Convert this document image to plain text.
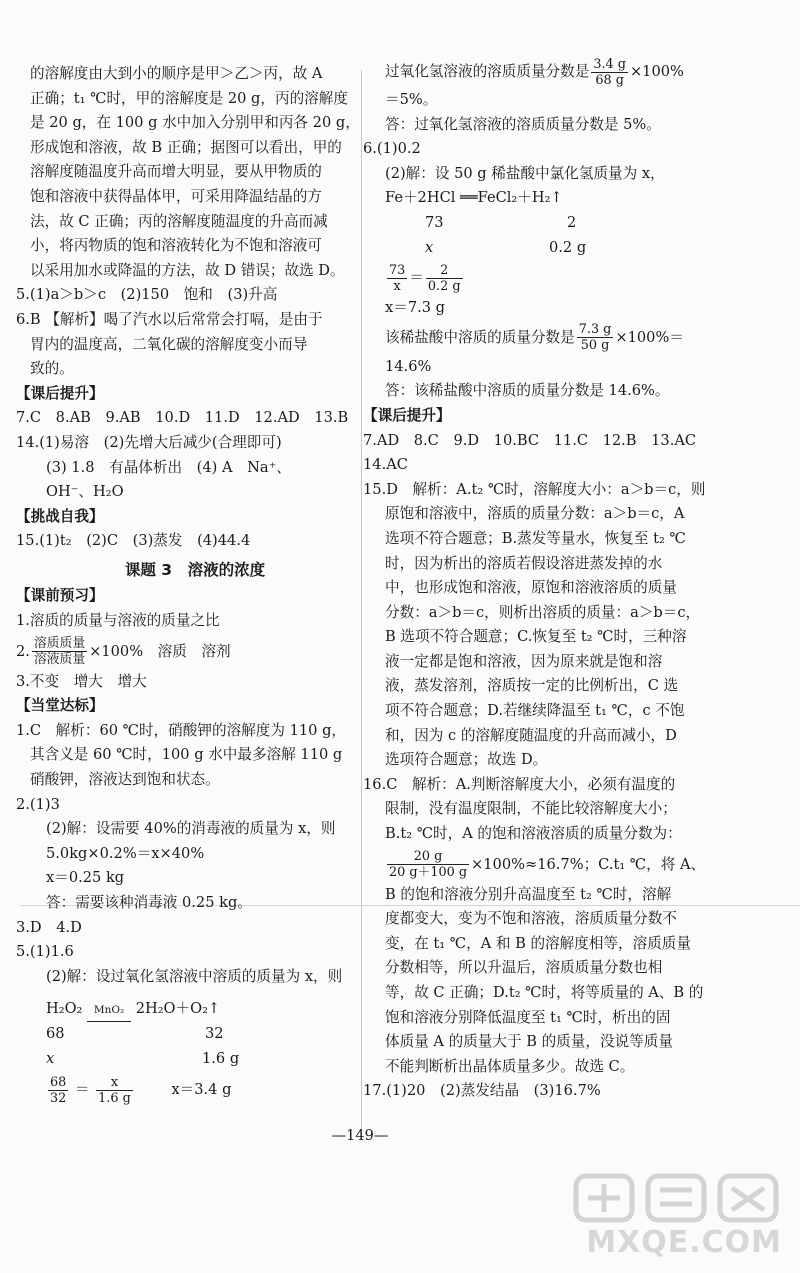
的溶解度由大到小的顺序是甲＞乙＞丙，故 A

正确；t₁ ℃时，甲的溶解度是 20 g，丙的溶解度

是 20 g，在 100 g 水中加入分别甲和丙各 20 g，

形成饱和溶液，故 B 正确；据图可以看出，甲的

溶解度随温度升高而增大明显，要从甲物质的

饱和溶液中获得晶体甲，可采用降温结晶的方

法，故 C 正确；丙的溶解度随温度的升高而减

小，将丙物质的饱和溶液转化为不饱和溶液可

以采用加水或降温的方法，故 D 错误；故选 D。

5.(1)a＞b＞c　(2)150　饱和　(3)升高

6.B 【解析】喝了汽水以后常常会打嗝，是由于

胃内的温度高，二氧化碳的溶解度变小而导

致的。

【课后提升】

7.C　8.AB　9.AB　10.D　11.D　12.AD　13.B

14.(1)易溶　(2)先增大后减少(合理即可)

(3) 1.8　有晶体析出　(4) A　Na⁺、

OH⁻、H₂O

【挑战自我】

15.(1)t₂　(2)C　(3)蒸发　(4)44.4

课题 3　溶液的浓度

【课前预习】

1.溶质的质量与溶液的质量之比

2. $\frac{\text{溶质质量}}{\text{溶液质量}} \times 100\%$　溶质　溶剂

3.不变　增大　增大

【当堂达标】

1.C　解析：60 ℃时，硝酸钾的溶解度为 110 g，

其含义是 60 ℃时，100 g 水中最多溶解 110 g

硝酸钾，溶液达到饱和状态。

2.(1)3

(2)解：设需要 40%的消毒液的质量为 x，则

5.0kg×0.2%＝x×40%

x＝0.25 kg

答：需要该种消毒液 0.25 kg。

3.D　4.D

5.(1)1.6

(2)解：设过氧化氢溶液中溶质的质量为 x，则

H₂O₂	MnO₂ 2H₂O＋O₂↑

68	32

x	1.6 g

$\frac{68}{32} = \frac{x}{1.6 g}$	x＝3.4 g

过氧化氢溶液的溶质质量分数是 $\frac{3.4 g}{68 g} \times 100\%$

＝5%。

答：过氧化氢溶液的溶质质量分数是 5%。

6.(1)0.2

(2)解：设 50 g 稀盐酸中氯化氢质量为 x，

Fe＋2HCl ══FeCl₂＋H₂↑

73	2

x	0.2 g

$\frac{73}{x} = \frac{2}{0.2 g}$

x＝7.3 g

该稀盐酸中溶质的质量分数是 $\frac{7.3 g}{50 g} \times 100\%=$

14.6%

答：该稀盐酸中溶质的质量分数是 14.6%。

【课后提升】

7.AD　8.C　9.D　10.BC　11.C　12.B　13.AC

14.AC

15.D　解析：A.t₂ ℃时，溶解度大小：a＞b＝c，则

原饱和溶液中，溶质的质量分数：a＞b＝c，A

选项不符合题意；B.蒸发等量水，恢复至 t₂ ℃

时，因为析出的溶质若假设溶进蒸发掉的水

中，也形成饱和溶液，原饱和溶液溶质的质量

分数：a＞b＝c，则析出溶质的质量：a＞b＝c，

B 选项不符合题意；C.恢复至 t₂ ℃时，三种溶

液一定都是饱和溶液，因为原来就是饱和溶

液，蒸发溶剂，溶质按一定的比例析出，C 选

项不符合题意；D.若继续降温至 t₁ ℃，c 不饱

和，因为 c 的溶解度随温度的升高而减小，D

选项符合题意；故选 D。

16.C　解析：A.判断溶解度大小，必须有温度的

限制，没有温度限制，不能比较溶解度大小；

B.t₂ ℃时，A 的饱和溶液溶质的质量分数为：

$\frac{20 g}{20 g+100 g} \times 100\%\approx 16.7\%$；C.t₁ ℃，将 A、

B 的饱和溶液分别升高温度至 t₂ ℃时，溶解

度都变大，变为不饱和溶液，溶质质量分数不

变，在 t₁ ℃，A 和 B 的溶解度相等，溶质质量

分数相等，所以升温后，溶质质量分数也相

等，故 C 正确；D.t₂ ℃时，将等质量的 A、B 的

饱和溶液分别降低温度至 t₁ ℃时，析出的固

体质量 A 的质量大于 B 的质量，没说等质量

不能判断析出晶体质量多少。故选 C。

17.(1)20　(2)蒸发结晶　(3)16.7%

—149—
MXQE.COM
